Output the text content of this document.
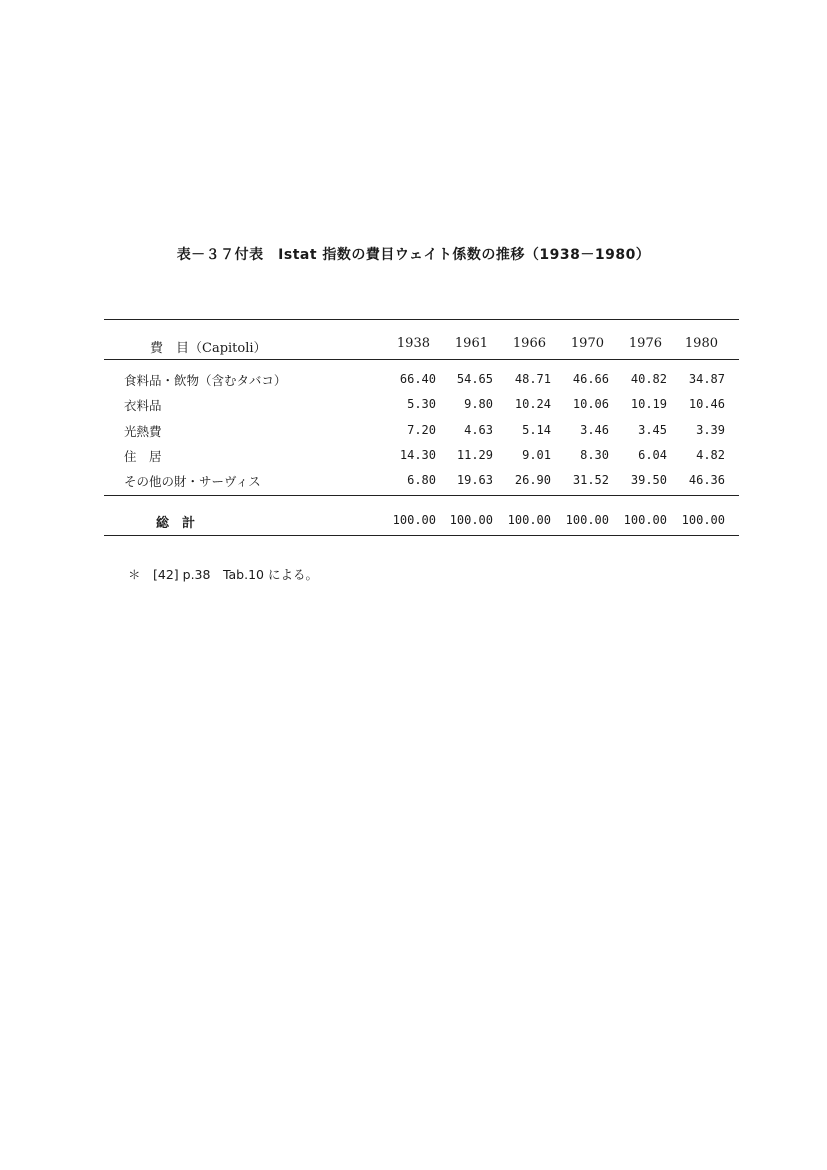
表－３７付表　Istat 指数の費目ウェイト係数の推移（1938－1980）
費　目（Capitoli）	1938	1961	1966	1970	1976	1980
食料品・飲物（含むタバコ）	66.40	54.65	48.71	46.66	40.82	34.87
衣料品	5.30	9.80	10.24	10.06	10.19	10.46
光熱費	7.20	4.63	5.14	3.46	3.45	3.39
住　居	14.30	11.29	9.01	8.30	6.04	4.82
その他の財・サーヴィス	6.80	19.63	26.90	31.52	39.50	46.36
総　計	100.00	100.00	100.00	100.00	100.00	100.00
＊　[42] p.38　Tab.10 による。
